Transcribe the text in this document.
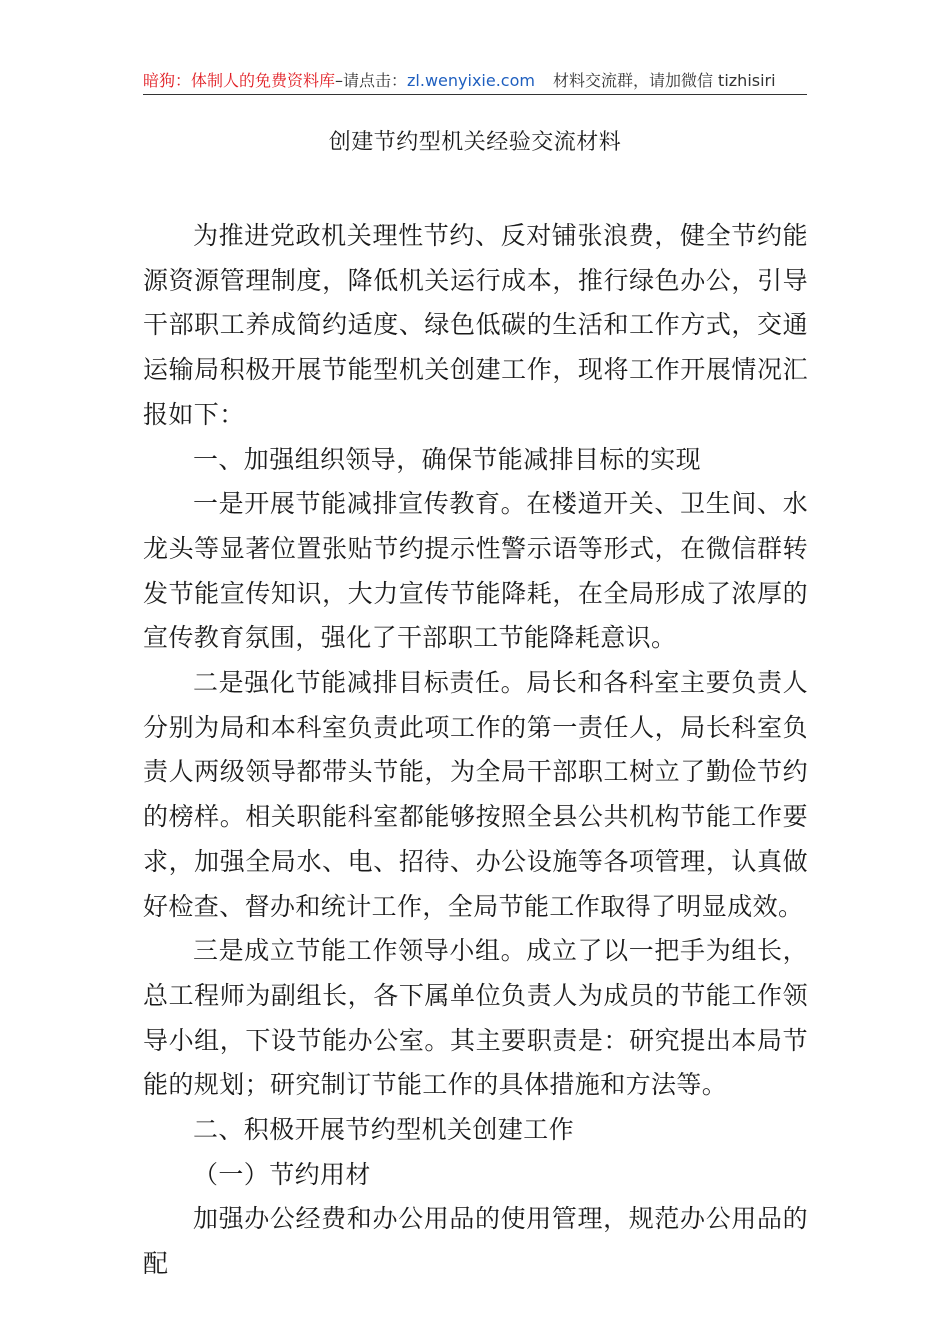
暗狗：体制人的免费资料库–请点击：zl.wenyixie.com 材料交流群，请加微信 tizhisiri
创建节约型机关经验交流材料

为推进党政机关理性节约、反对铺张浪费，健全节约能源资源管理制度，降低机关运行成本，推行绿色办公，引导干部职工养成简约适度、绿色低碳的生活和工作方式，交通运输局积极开展节能型机关创建工作，现将工作开展情况汇报如下：

一、加强组织领导，确保节能减排目标的实现

一是开展节能减排宣传教育。在楼道开关、卫生间、水龙头等显著位置张贴节约提示性警示语等形式，在微信群转发节能宣传知识，大力宣传节能降耗，在全局形成了浓厚的宣传教育氛围，强化了干部职工节能降耗意识。

二是强化节能减排目标责任。局长和各科室主要负责人分别为局和本科室负责此项工作的第一责任人，局长科室负责人两级领导都带头节能，为全局干部职工树立了勤俭节约的榜样。相关职能科室都能够按照全县公共机构节能工作要求，加强全局水、电、招待、办公设施等各项管理，认真做好检查、督办和统计工作，全局节能工作取得了明显成效。

三是成立节能工作领导小组。成立了以一把手为组长，总工程师为副组长，各下属单位负责人为成员的节能工作领导小组，下设节能办公室。其主要职责是：研究提出本局节能的规划；研究制订节能工作的具体措施和方法等。

二、积极开展节约型机关创建工作

（一）节约用材

加强办公经费和办公用品的使用管理，规范办公用品的配
